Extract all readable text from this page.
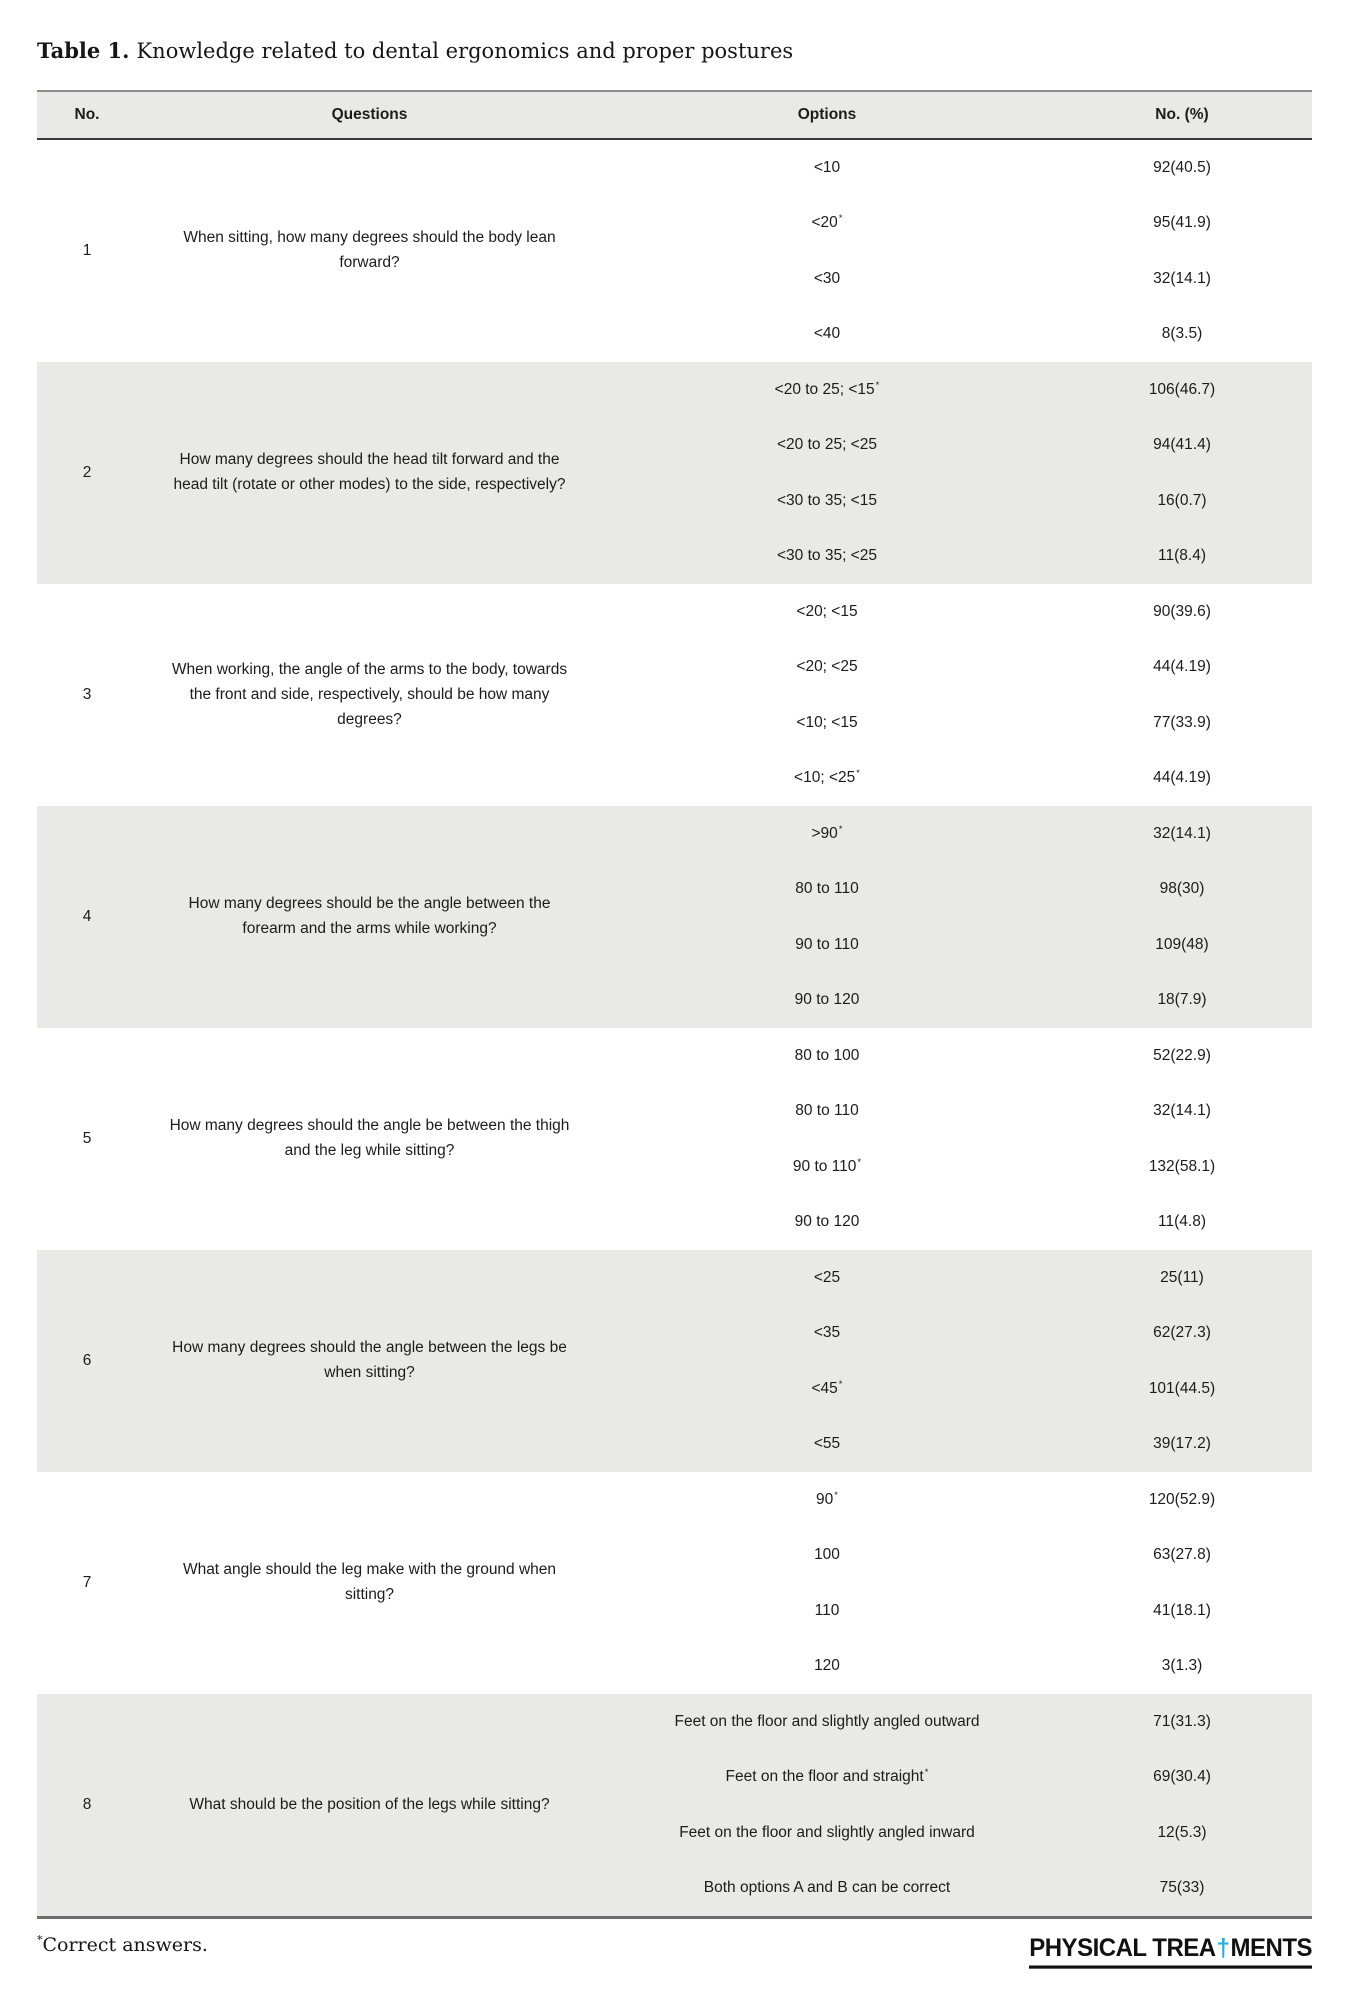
Table 1. Knowledge related to dental ergonomics and proper postures
No.	Questions	Options	No. (%)
1
When sitting, how many degrees should the body lean forward?
<10	92(40.5)
<20*	95(41.9)
<30	32(14.1)
<40	8(3.5)
2
How many degrees should the head tilt forward and the head tilt (rotate or other modes) to the side, respectively?
<20 to 25; <15*	106(46.7)
<20 to 25; <25	94(41.4)
<30 to 35; <15	16(0.7)
<30 to 35; <25	11(8.4)
3
When working, the angle of the arms to the body, towards the front and side, respectively, should be how many degrees?
<20; <15	90(39.6)
<20; <25	44(4.19)
<10; <15	77(33.9)
<10; <25*	44(4.19)
4
How many degrees should be the angle between the forearm and the arms while working?
>90*	32(14.1)
80 to 110	98(30)
90 to 110	109(48)
90 to 120	18(7.9)
5
How many degrees should the angle be between the thigh and the leg while sitting?
80 to 100	52(22.9)
80 to 110	32(14.1)
90 to 110*	132(58.1)
90 to 120	11(4.8)
6
How many degrees should the angle between the legs be when sitting?
<25	25(11)
<35	62(27.3)
<45*	101(44.5)
<55	39(17.2)
7
What angle should the leg make with the ground when sitting?
90*	120(52.9)
100	63(27.8)
110	41(18.1)
120	3(1.3)
8	What should be the position of the legs while sitting?
Feet on the floor and slightly angled outward	71(31.3)
Feet on the floor and straight*	69(30.4)
Feet on the floor and slightly angled inward	12(5.3)
Both options A and B can be correct	75(33)
*Correct answers.	PHYSICAL TREA†MENTS
